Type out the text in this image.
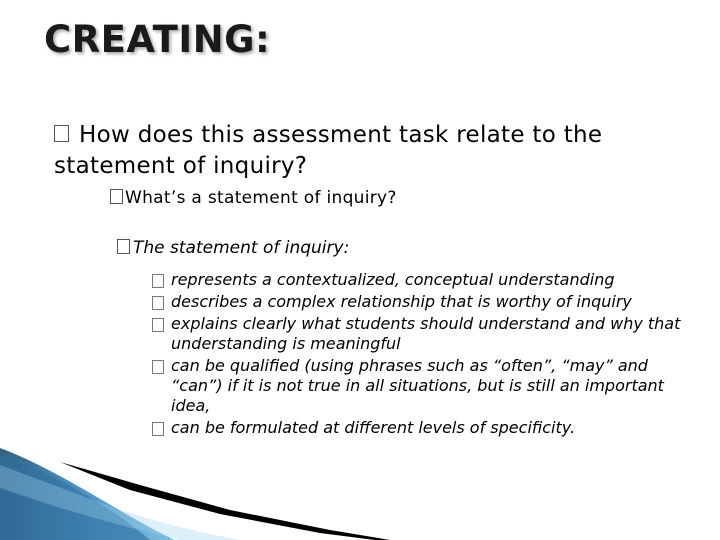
CREATING:
How does this assessment task relate to the statement of inquiry?
What’s a statement of inquiry?
The statement of inquiry:
represents a contextualized, conceptual understanding
describes a complex relationship that is worthy of inquiry
explains clearly what students should understand and why that understanding is meaningful
can be qualified (using phrases such as “often”, “may” and “can”) if it is not true in all situations, but is still an important idea,
can be formulated at different levels of specificity.
